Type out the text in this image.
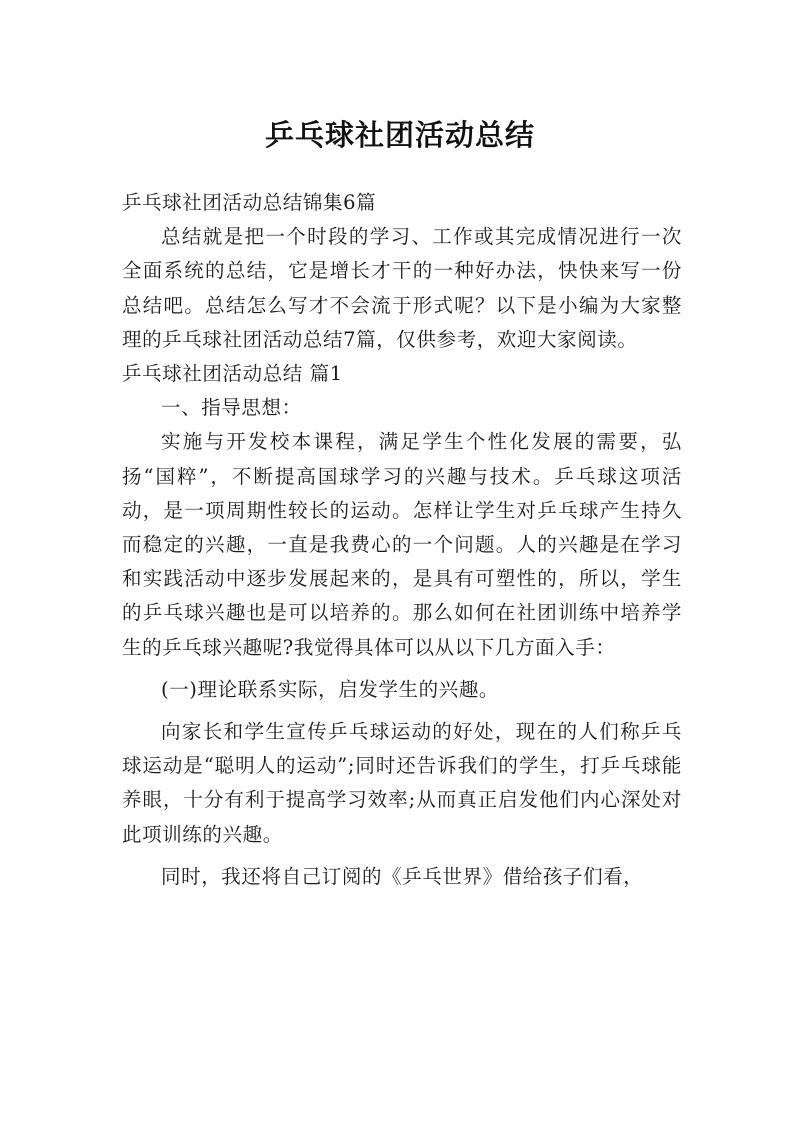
乒乓球社团活动总结

乒乓球社团活动总结锦集6篇

总结就是把一个时段的学习、工作或其完成情况进行一次全面系统的总结，它是增长才干的一种好办法，快快来写一份总结吧。总结怎么写才不会流于形式呢？以下是小编为大家整理的乒乓球社团活动总结7篇，仅供参考，欢迎大家阅读。

乒乓球社团活动总结 篇1

一、指导思想：

实施与开发校本课程，满足学生个性化发展的需要，弘扬“国粹”，不断提高国球学习的兴趣与技术。乒乓球这项活动，是一项周期性较长的运动。怎样让学生对乒乓球产生持久而稳定的兴趣，一直是我费心的一个问题。人的兴趣是在学习和实践活动中逐步发展起来的，是具有可塑性的，所以，学生的乒乓球兴趣也是可以培养的。那么如何在社团训练中培养学生的乒乓球兴趣呢?我觉得具体可以从以下几方面入手：

(一)理论联系实际，启发学生的兴趣。

向家长和学生宣传乒乓球运动的好处，现在的人们称乒乓球运动是“聪明人的运动”;同时还告诉我们的学生，打乒乓球能养眼，十分有利于提高学习效率;从而真正启发他们内心深处对此项训练的兴趣。

同时，我还将自己订阅的《乒乓世界》借给孩子们看，
